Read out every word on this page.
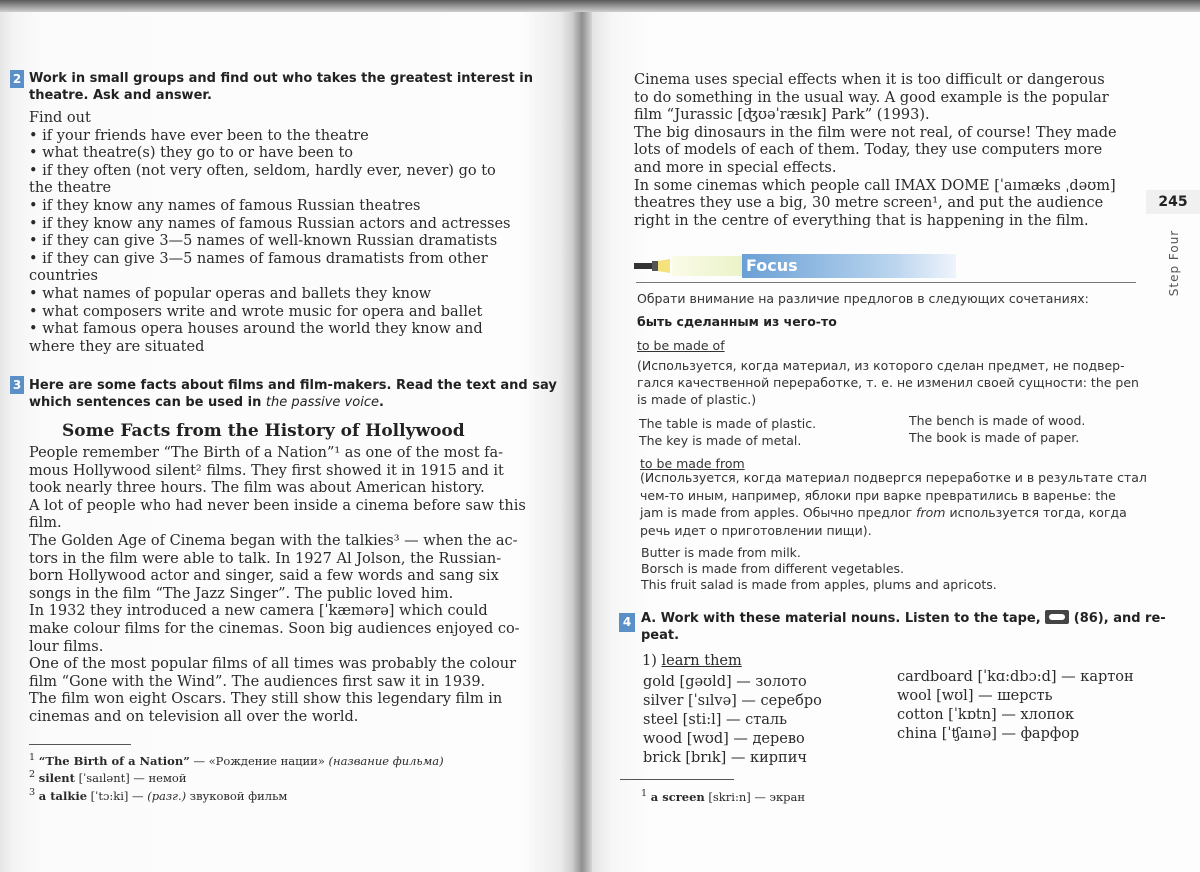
2 Work in small groups and find out who takes the greatest interest in
theatre. Ask and answer.
Find out
• if your friends have ever been to the theatre
• what theatre(s) they go to or have been to
• if they often (not very often, seldom, hardly ever, never) go to
the theatre
• if they know any names of famous Russian theatres
• if they know any names of famous Russian actors and actresses
• if they can give 3—5 names of well-known Russian dramatists
• if they can give 3—5 names of famous dramatists from other
countries
• what names of popular operas and ballets they know
• what composers write and wrote music for opera and ballet
• what famous opera houses around the world they know and
where they are situated
3 Here are some facts about films and film-makers. Read the text and say
which sentences can be used in the passive voice.
Some Facts from the History of Hollywood
People remember “The Birth of a Nation”¹ as one of the most fa-
mous Hollywood silent² films. They first showed it in 1915 and it
took nearly three hours. The film was about American history.
A lot of people who had never been inside a cinema before saw this
film.
The Golden Age of Cinema began with the talkies³ — when the ac-
tors in the film were able to talk. In 1927 Al Jolson, the Russian-
born Hollywood actor and singer, said a few words and sang six
songs in the film “The Jazz Singer”. The public loved him.
In 1932 they introduced a new camera [ˈkæmərə] which could
make colour films for the cinemas. Soon big audiences enjoyed co-
lour films.
One of the most popular films of all times was probably the colour
film “Gone with the Wind”. The audiences first saw it in 1939.
The film won eight Oscars. They still show this legendary film in
cinemas and on television all over the world.
$^1$ “The Birth of a Nation” — «Рождение нации» (название фильма)
$^2$ silent [ˈsaılənt] — немой
$^3$ a talkie [ˈtɔ:ki] — (разг.) звуковой фильм
Cinema uses special effects when it is too difficult or dangerous
to do something in the usual way. A good example is the popular
film “Jurassic [ʤʊəˈræsık] Park” (1993).
The big dinosaurs in the film were not real, of course! They made
lots of models of each of them. Today, they use computers more
and more in special effects.
In some cinemas which people call IMAX DOME [ˈaımæks ˌdəʊm]
theatres they use a big, 30 metre screen¹, and put the audience
right in the centre of everything that is happening in the film.
245
Step Four
Focus
Обрати внимание на различие предлогов в следующих сочетаниях:
быть сделанным из чего-то
to be made of
(Используется, когда материал, из которого сделан предмет, не подвер-
гался качественной переработке, т. е. не изменил своей сущности: the pen
is made of plastic.)
The table is made of plastic.
The key is made of metal.
The bench is made of wood.
The book is made of paper.
to be made from
(Используется, когда материал подвергся переработке и в результате стал
чем-то иным, например, яблоки при варке превратились в варенье: the
jam is made from apples. Обычно предлог from используется тогда, когда
речь идет о приготовлении пищи).
Butter is made from milk.
Borsch is made from different vegetables.
This fruit salad is made from apples, plums and apricots.
4 A. Work with these material nouns. Listen to the tape,	(86), and re-
peat.
1) learn them
gold [gəʊld] — золото
silver [ˈsılvə] — серебро
steel [sti:l] — сталь
wood [wʊd] — дерево
brick [brık] — кирпич
cardboard [ˈkɑ:dbɔ:d] — картон
wool [wʊl] — шерсть
cotton [ˈkɒtn] — хлопок
china [ˈʧaınə] — фарфор
$^1$ a screen [skri:n] — экран
